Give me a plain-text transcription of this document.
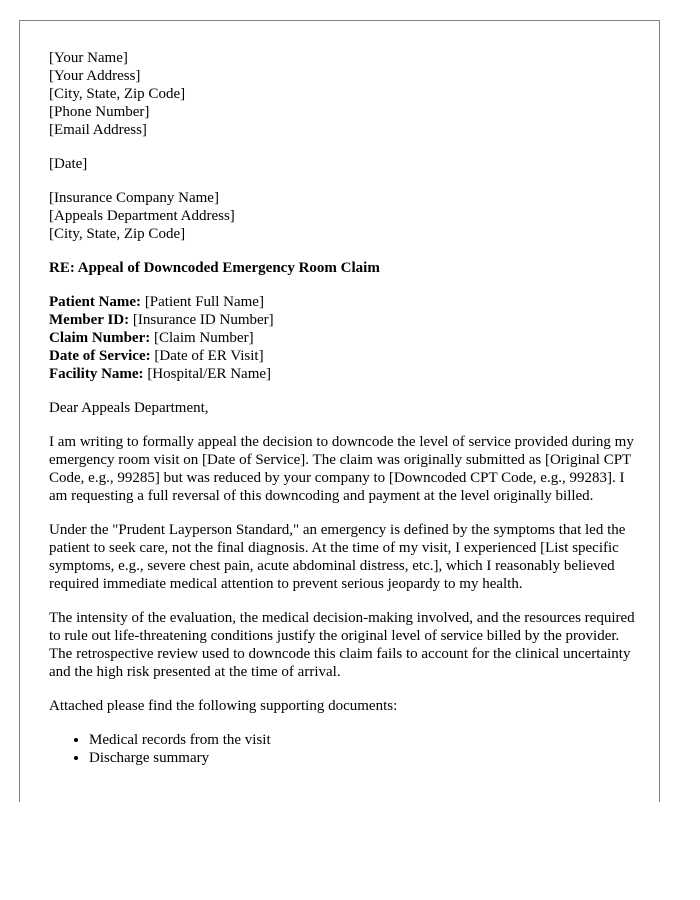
[Your Name]
[Your Address]
[City, State, Zip Code]
[Phone Number]
[Email Address]
[Date]
[Insurance Company Name]
[Appeals Department Address]
[City, State, Zip Code]
RE: Appeal of Downcoded Emergency Room Claim
Patient Name: [Patient Full Name]
Member ID: [Insurance ID Number]
Claim Number: [Claim Number]
Date of Service: [Date of ER Visit]
Facility Name: [Hospital/ER Name]
Dear Appeals Department,
I am writing to formally appeal the decision to downcode the level of service provided during my emergency room visit on [Date of Service]. The claim was originally submitted as [Original CPT Code, e.g., 99285] but was reduced by your company to [Downcoded CPT Code, e.g., 99283]. I am requesting a full reversal of this downcoding and payment at the level originally billed.
Under the "Prudent Layperson Standard," an emergency is defined by the symptoms that led the patient to seek care, not the final diagnosis. At the time of my visit, I experienced [List specific symptoms, e.g., severe chest pain, acute abdominal distress, etc.], which I reasonably believed required immediate medical attention to prevent serious jeopardy to my health.
The intensity of the evaluation, the medical decision-making involved, and the resources required to rule out life-threatening conditions justify the original level of service billed by the provider. The retrospective review used to downcode this claim fails to account for the clinical uncertainty and the high risk presented at the time of arrival.
Attached please find the following supporting documents:
• Medical records from the visit
• Discharge summary
